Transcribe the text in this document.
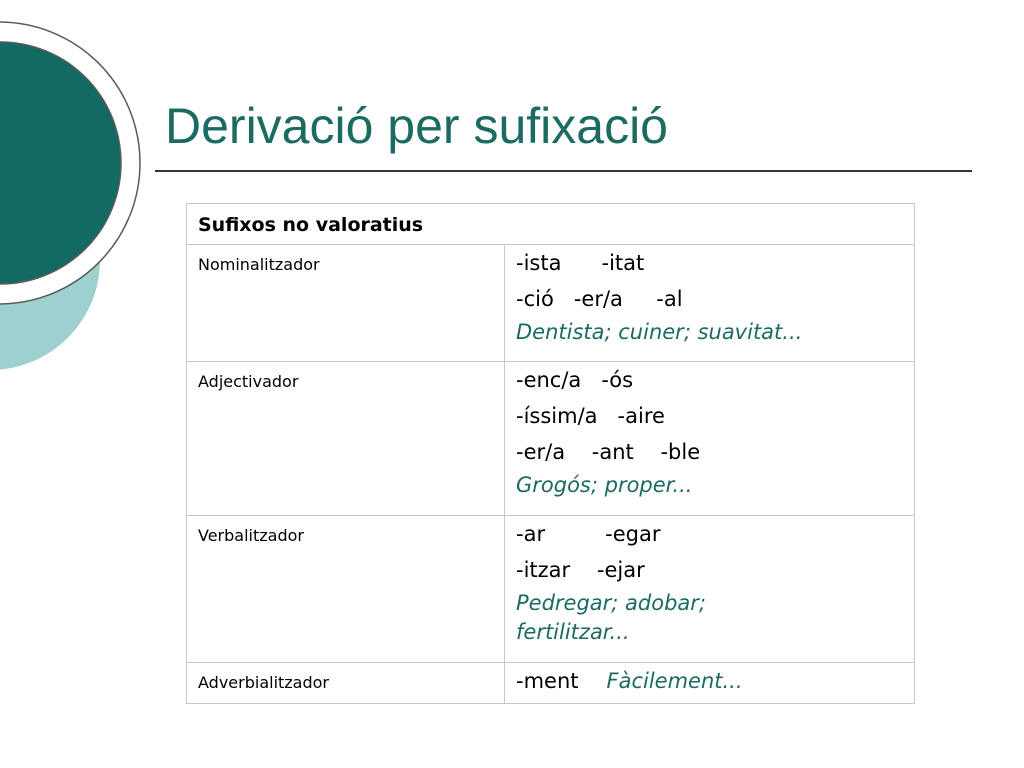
Derivació per sufixació
Sufixos no valoratius	

Nominalitzador	-ista      -itat
-ció   -er/a     -al
Dentista; cuiner; suavitat...

Adjectivador	-enc/a   -ós
-íssim/a   -aire
-er/a    -ant    -ble
Grogós; proper...

Verbalitzador	-ar         -egar
-itzar    -ejar
Pedregar; adobar; fertilitzar...

Adverbialitzador	-ment Fàcilement...
